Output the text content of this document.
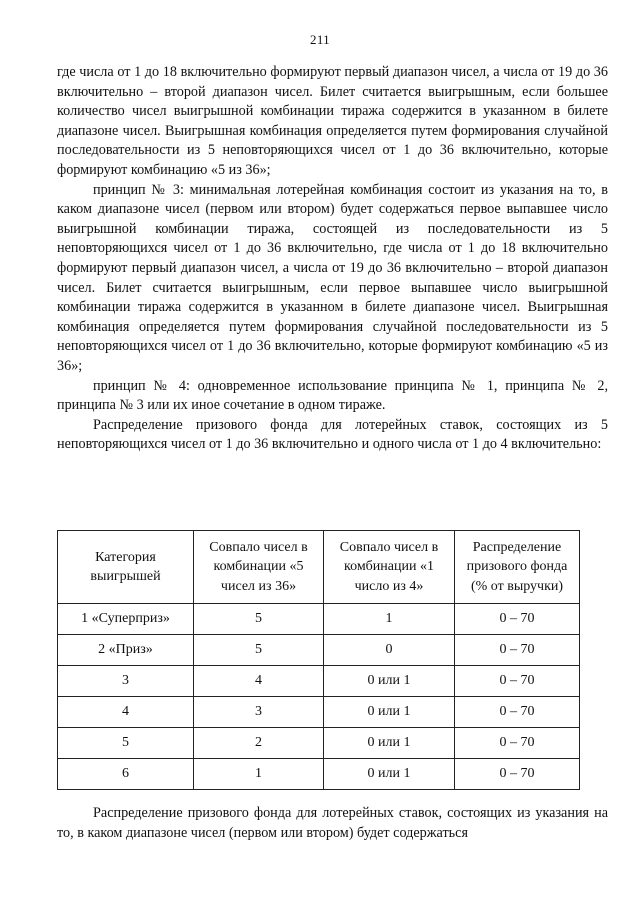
211

где числа от 1 до 18 включительно формируют первый диапазон чисел, а числа от 19 до 36 включительно – второй диапазон чисел. Билет считается выигрышным, если большее количество чисел выигрышной комбинации тиража содержится в указанном в билете диапазоне чисел. Выигрышная комбинация определяется путем формирования случайной последовательности из 5 неповторяющихся чисел от 1 до 36 включительно, которые формируют комбинацию «5 из 36»;

принцип № 3: минимальная лотерейная комбинация состоит из указания на то, в каком диапазоне чисел (первом или втором) будет содержаться первое выпавшее число выигрышной комбинации тиража, состоящей из последовательности из 5 неповторяющихся чисел от 1 до 36 включительно, где числа от 1 до 18 включительно формируют первый диапазон чисел, а числа от 19 до 36 включительно – второй диапазон чисел. Билет считается выигрышным, если первое выпавшее число выигрышной комбинации тиража содержится в указанном в билете диапазоне чисел. Выигрышная комбинация определяется путем формирования случайной последовательности из 5 неповторяющихся чисел от 1 до 36 включительно, которые формируют комбинацию «5 из 36»;

принцип № 4: одновременное использование принципа № 1, принципа № 2, принципа № 3 или их иное сочетание в одном тираже.

Распределение призового фонда для лотерейных ставок, состоящих из 5 неповторяющихся чисел от 1 до 36 включительно и одного числа от 1 до 4 включительно:

Категория выигрышей	Совпало чисел в комбинации «5 чисел из 36»	Совпало чисел в комбинации «1 число из 4»	Распределение призового фонда (% от выручки)
1 «Суперприз»	5	1	0 – 70
2 «Приз»	5	0	0 – 70
3	4	0 или 1	0 – 70
4	3	0 или 1	0 – 70
5	2	0 или 1	0 – 70
6	1	0 или 1	0 – 70

Распределение призового фонда для лотерейных ставок, состоящих из указания на то, в каком диапазоне чисел (первом или втором) будет содержаться
